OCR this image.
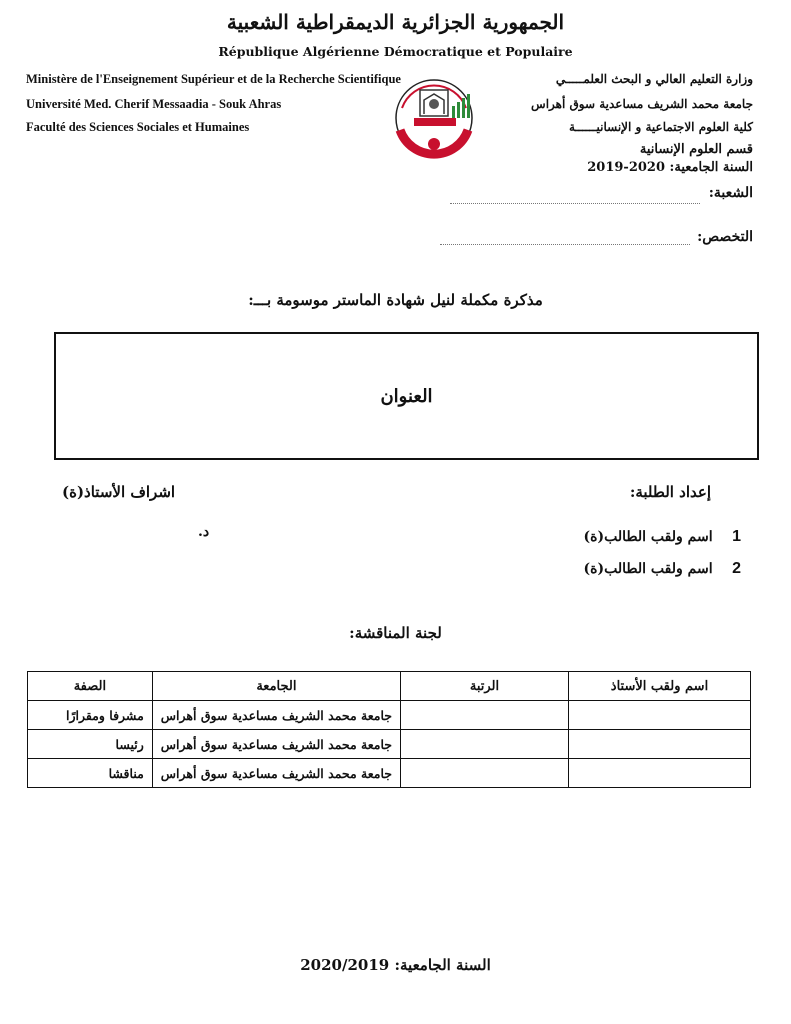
الجمهورية الجزائرية الديمقراطية الشعبية
République Algérienne Démocratique et Populaire
Ministère de l'Enseignement Supérieur et de la Recherche Scientifique
Université Med. Cherif Messaadia - Souk Ahras
Faculté des Sciences Sociales et Humaines
وزارة التعليم العالي و البحث العلمـــــي
جامعة محمد الشريف مساعدية سوق أهراس
كلية العلوم الاجتماعية و الإنسانيــــــة
قسم العلوم الإنسانية
السنة الجامعية: 2020-2019
الشعبة:
التخصص:
مذكرة مكملة لنيل شهادة الماستر موسومة بـــ:
العنوان
إعداد الطلبة:
اشراف الأستاذ(ة)
1    اسم ولقب الطالب(ة)
2    اسم ولقب الطالب(ة)
د.
لجنة المناقشة:
اسم ولقب الأستاذ	الرتبة	الجامعة	الصفة
		جامعة محمد الشريف مساعدية سوق أهراس	مشرفا ومقرارًا
		جامعة محمد الشريف مساعدية سوق أهراس	رئيسا
		جامعة محمد الشريف مساعدية سوق أهراس	مناقشا
السنة الجامعية: 2020/2019
